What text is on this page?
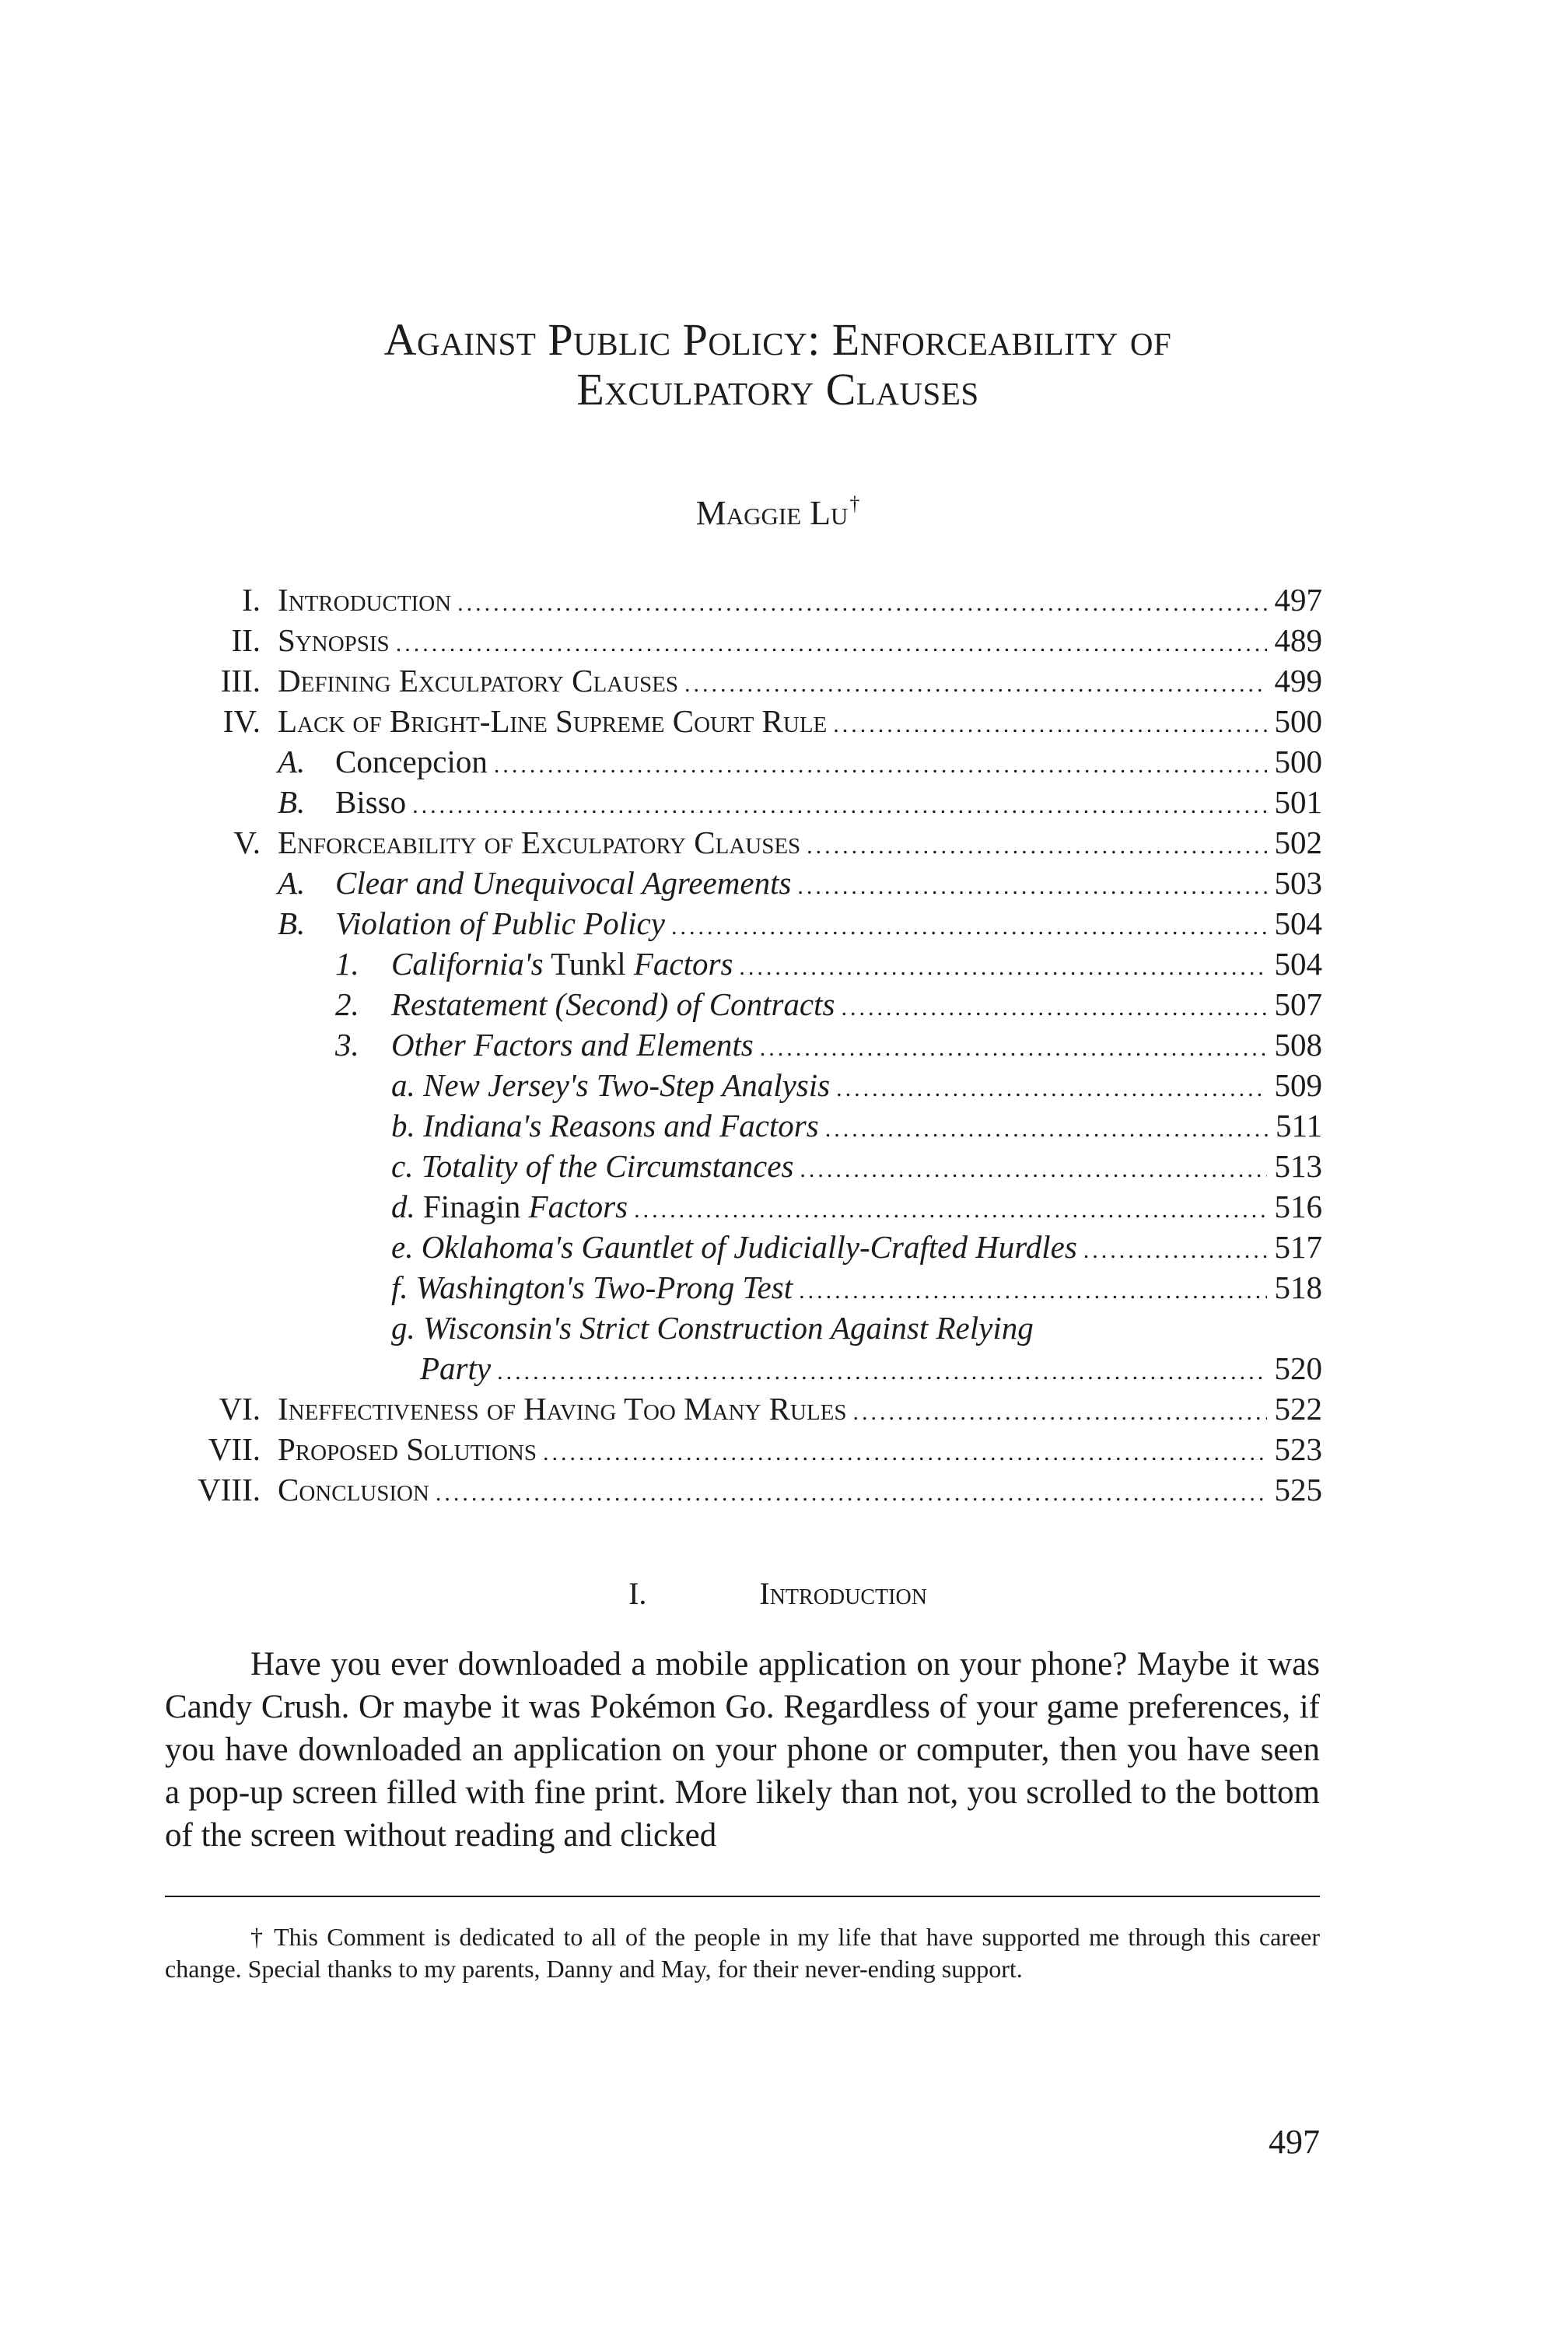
Against Public Policy: Enforceability of
Exculpatory Clauses
Maggie Lu†
I. Introduction .....	497
II. Synopsis .....	489
III. Defining Exculpatory Clauses .....	499
IV. Lack of Bright-Line Supreme Court Rule .....	500
A. Concepcion .....	500
B. Bisso .....	501
V. Enforceability of Exculpatory Clauses .....	502
A. Clear and Unequivocal Agreements .....	503
B. Violation of Public Policy .....	504
1. California's Tunkl Factors .....	504
2. Restatement (Second) of Contracts .....	507
3. Other Factors and Elements .....	508
a. New Jersey's Two-Step Analysis .....	509
b. Indiana's Reasons and Factors .....	511
c. Totality of the Circumstances .....	513
d. Finagin Factors .....	516
e. Oklahoma's Gauntlet of Judicially-Crafted Hurdles .....	517
f. Washington's Two-Prong Test .....	518
g. Wisconsin's Strict Construction Against Relying
Party .....	520
VI. Ineffectiveness of Having Too Many Rules .....	522
VII. Proposed Solutions .....	523
VIII. Conclusion .....	525
I.	Introduction

Have you ever downloaded a mobile application on your phone? Maybe it was Candy Crush. Or maybe it was Pokémon Go. Regardless of your game preferences, if you have downloaded an application on your phone or computer, then you have seen a pop-up screen filled with fine print. More likely than not, you scrolled to the bottom of the screen without reading and clicked

† This Comment is dedicated to all of the people in my life that have supported me through this career change. Special thanks to my parents, Danny and May, for their never-ending support.

497
